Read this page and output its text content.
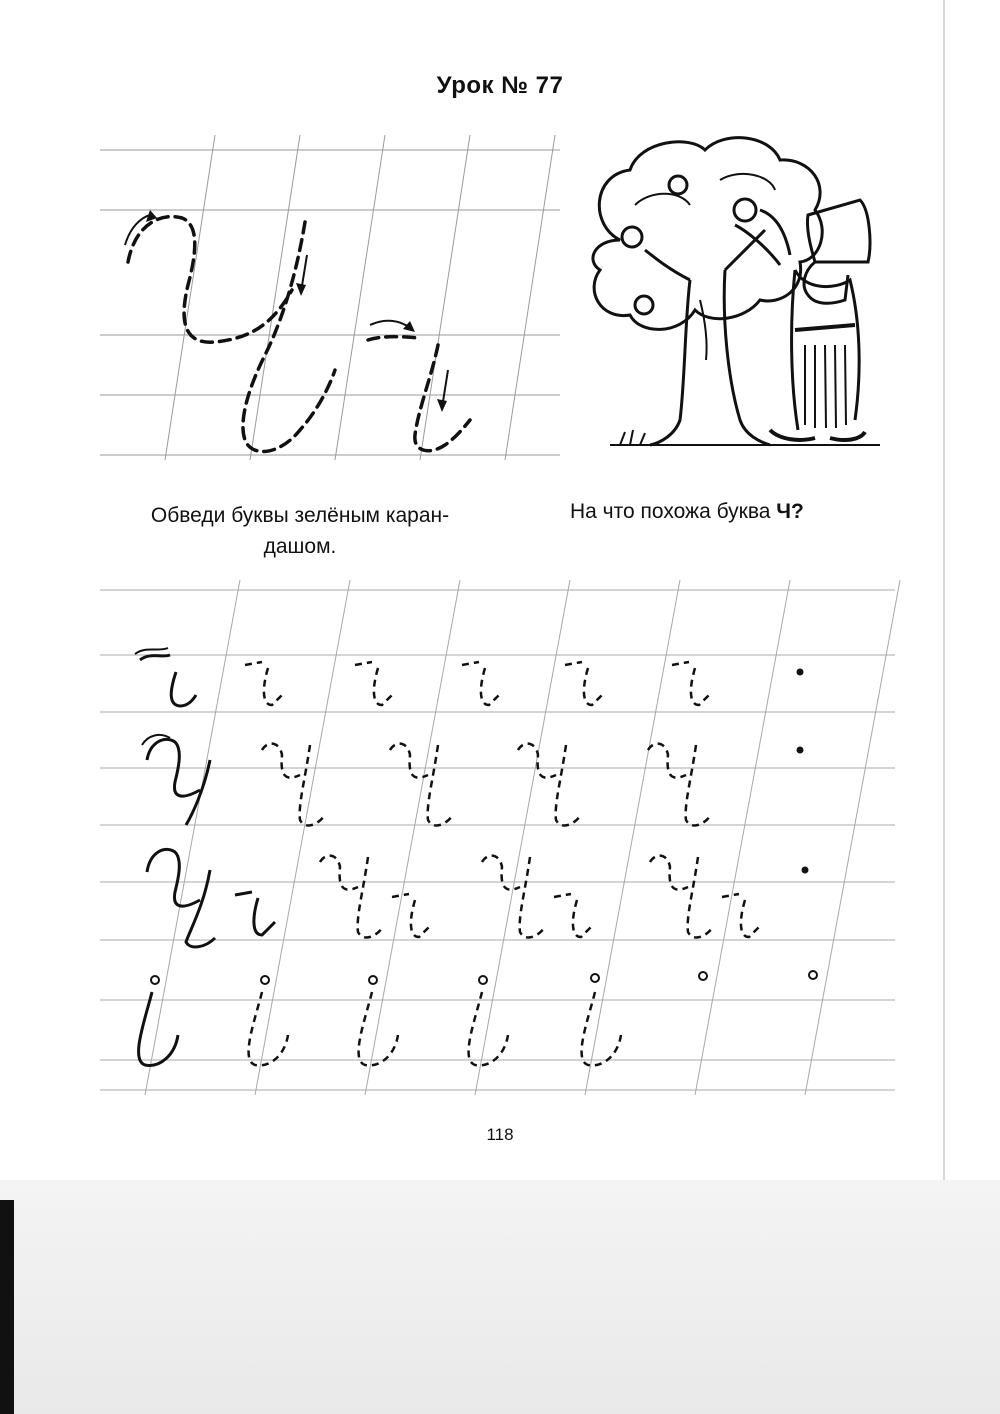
Урок № 77
Обведи буквы зелёным каран-
дашом.
На что похожа буква Ч?
118
